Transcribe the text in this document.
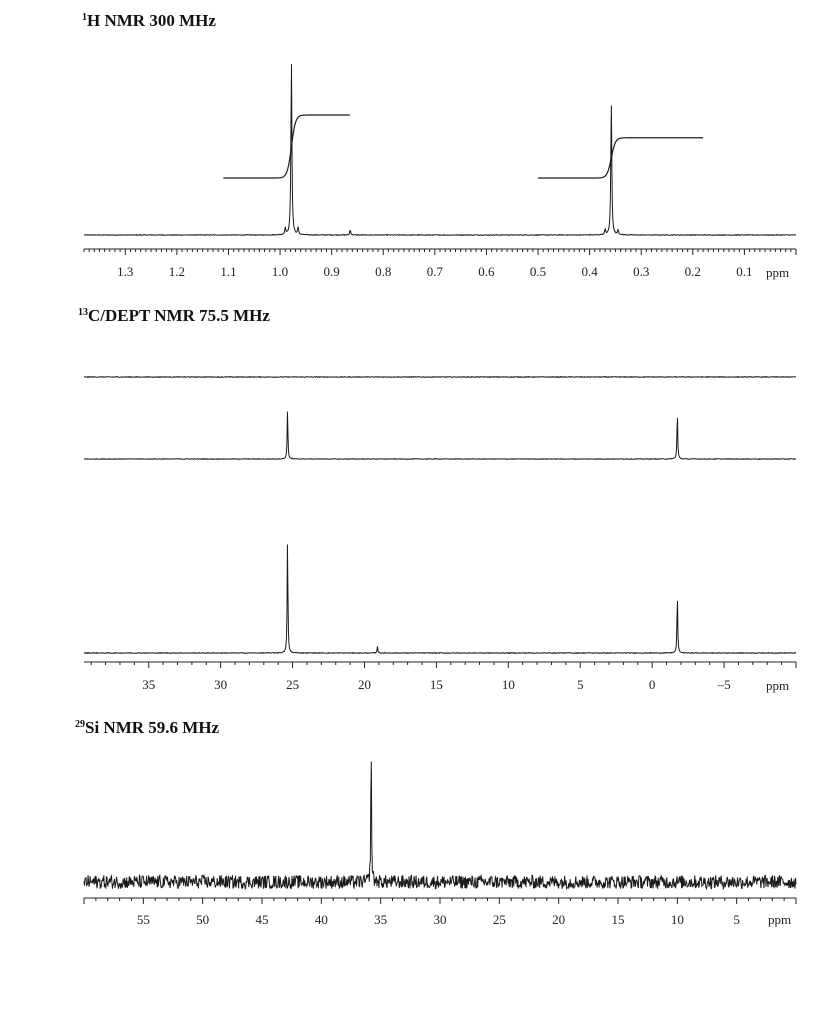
$^1$H NMR 300 MHz
1.3	1.2	1.1	1.0	0.9	0.8	0.7	0.6	0.5	0.4	0.3	0.2	0.1 ppm
$^{13}$C/DEPT NMR 75.5 MHz
35	30	25	20	15	10	5	0	–5	ppm
$^{29}$Si NMR 59.6 MHz
55	50	45	40	35	30	25	20	15	10	5 ppm
